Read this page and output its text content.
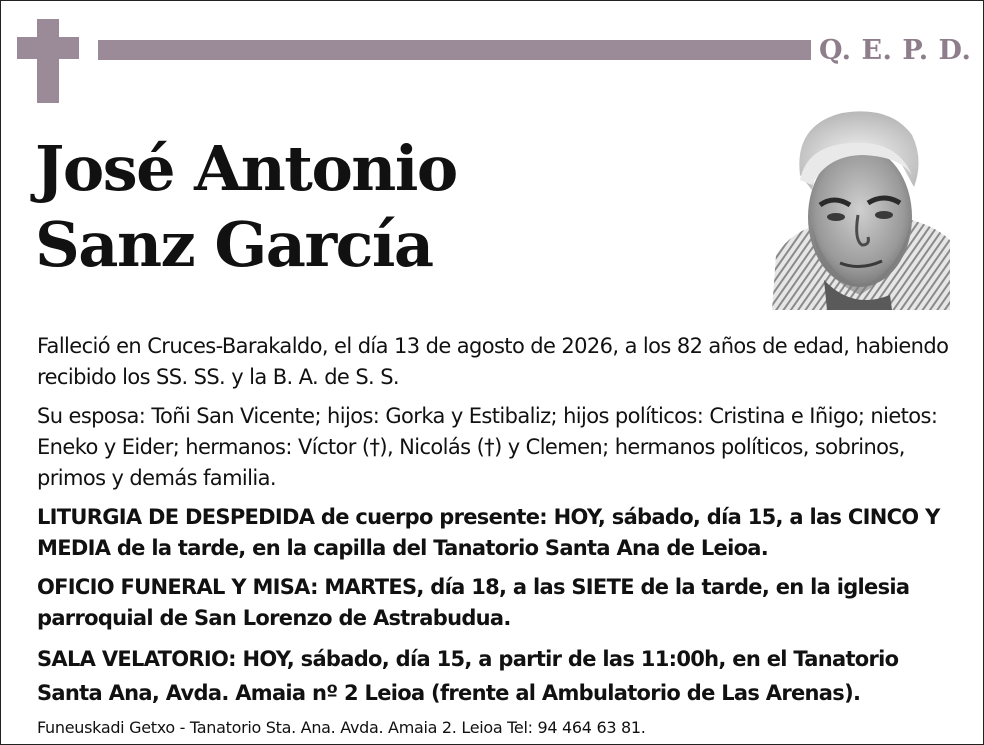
Q. E. P. D.
José Antonio
Sanz García

Falleció en Cruces-Barakaldo, el día 13 de agosto de 2026, a los 82 años de edad, habiendo recibido los SS. SS. y la B. A. de S. S.

Su esposa: Toñi San Vicente; hijos: Gorka y Estibaliz; hijos políticos: Cristina e Iñigo; nietos: Eneko y Eider; hermanos: Víctor (†), Nicolás (†) y Clemen; hermanos políticos, sobrinos, primos y demás familia.

LITURGIA DE DESPEDIDA de cuerpo presente: HOY, sábado, día 15, a las CINCO Y MEDIA de la tarde, en la capilla del Tanatorio Santa Ana de Leioa.

OFICIO FUNERAL Y MISA: MARTES, día 18, a las SIETE de la tarde, en la iglesia parroquial de San Lorenzo de Astrabudua.

SALA VELATORIO: HOY, sábado, día 15, a partir de las 11:00h, en el Tanatorio Santa Ana, Avda. Amaia nº 2 Leioa (frente al Ambulatorio de Las Arenas).

Funeuskadi Getxo - Tanatorio Sta. Ana. Avda. Amaia 2. Leioa Tel: 94 464 63 81.
